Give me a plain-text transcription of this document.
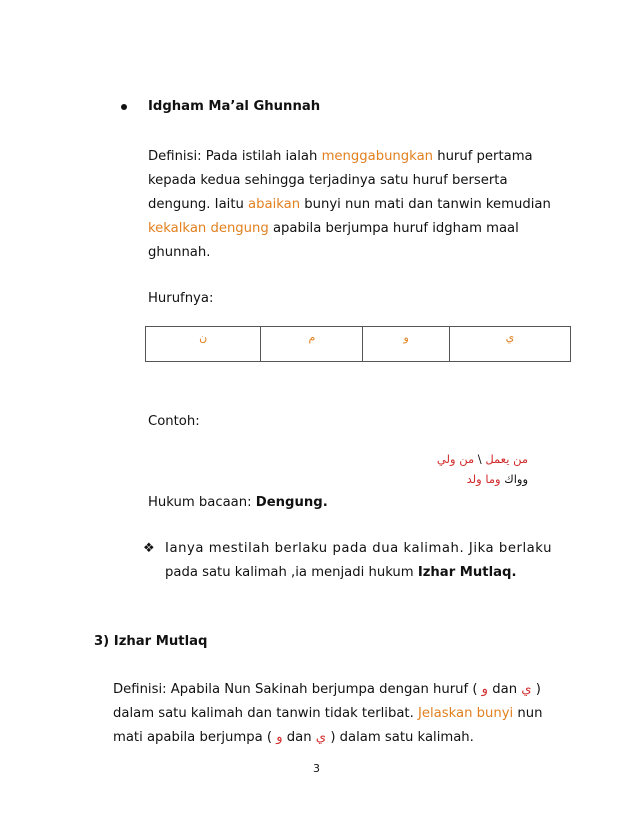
Idgham Ma’al Ghunnah
Definisi: Pada istilah ialah menggabungkan huruf pertama
kepada kedua sehingga terjadinya satu huruf berserta
dengung. Iaitu abaikan bunyi nun mati dan tanwin kemudian
kekalkan dengung apabila berjumpa huruf idgham maal
ghunnah.
Hurufnya:
ن	م	و	ي
Contoh:
من يعمل \ من ولي
وواك وما ولد
Hukum bacaan: Dengung.
❖ Ianya mestilah berlaku pada dua kalimah. Jika berlaku
pada satu kalimah ,ia menjadi hukum Izhar Mutlaq.
3) Izhar Mutlaq
Definisi: Apabila Nun Sakinah berjumpa dengan huruf ( و dan ي )
dalam satu kalimah dan tanwin tidak terlibat. Jelaskan bunyi nun
mati apabila berjumpa ( و dan ي ) dalam satu kalimah.
3
